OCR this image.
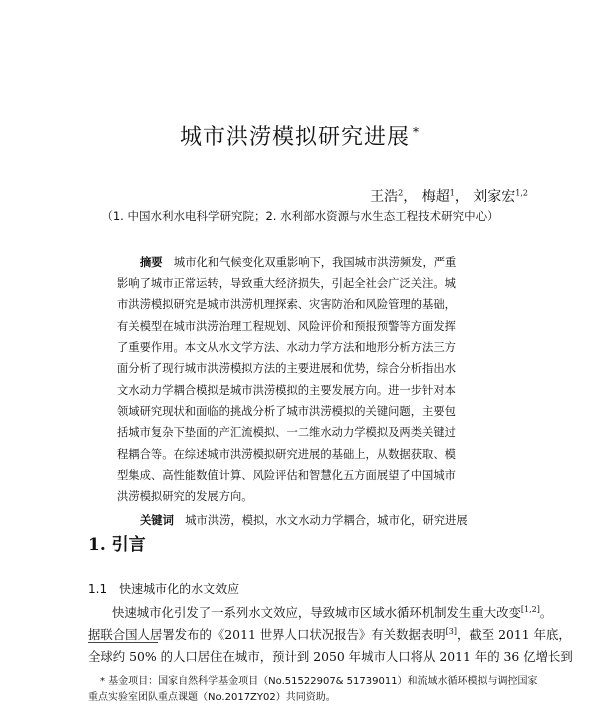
城市洪涝模拟研究进展 *
王浩$^2$， 梅超$^1$， 刘家宏$^{1,2}$
（1. 中国水利水电科学研究院；2. 水利部水资源与水生态工程技术研究中心）
摘要　 城市化和气候变化双重影响下，我国城市洪涝频发，严重
影响了城市正常运转，导致重大经济损失，引起全社会广泛关注。城
市洪涝模拟研究是城市洪涝机理探索、灾害防治和风险管理的基础，
有关模型在城市洪涝治理工程规划、风险评价和预报预警等方面发挥
了重要作用。本文从水文学方法、水动力学方法和地形分析方法三方
面分析了现行城市洪涝模拟方法的主要进展和优势，综合分析指出水
文水动力学耦合模拟是城市洪涝模拟的主要发展方向。进一步针对本
领域研究现状和面临的挑战分析了城市洪涝模拟的关键问题，主要包
括城市复杂下垫面的产汇流模拟、一二维水动力学模拟及两类关键过
程耦合等。在综述城市洪涝模拟研究进展的基础上，从数据获取、模
型集成、高性能数值计算、风险评估和智慧化五方面展望了中国城市
洪涝模拟研究的发展方向。
关键词　 城市洪涝，模拟，水文水动力学耦合，城市化，研究进展
1. 引言
1.1　快速城市化的水文效应
快速城市化引发了一系列水文效应，导致城市区域水循环机制发生重大改变[1,2]。
据联合国人居署发布的《2011 世界人口状况报告》有关数据表明[3]，截至 2011 年底，
全球约 50% 的人口居住在城市，预计到 2050 年城市人口将从 2011 年的 36 亿增长到
* 基金项目：国家自然科学基金项目（No.51522907& 51739011）和流域水循环模拟与调控国家
重点实验室团队重点课题（No.2017ZY02）共同资助。
